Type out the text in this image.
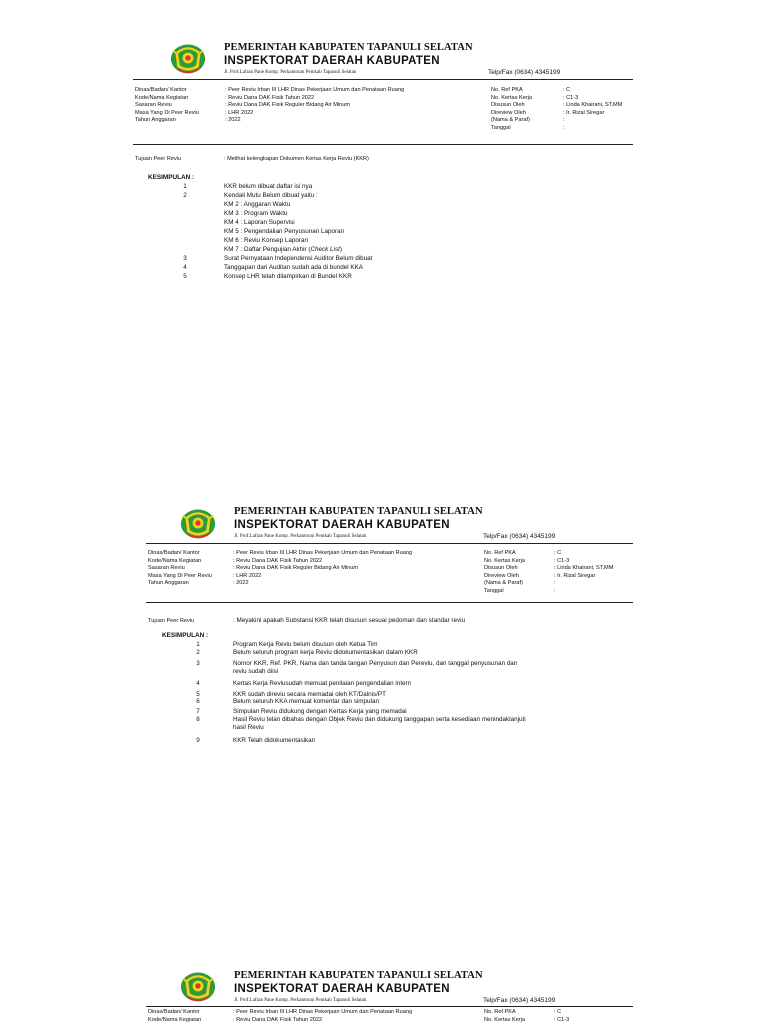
PEMERINTAH KABUPATEN TAPANULI SELATAN
INSPEKTORAT DAERAH KABUPATEN
Jl. Prof.Lafran Pane Komp. Perkantoran Pemkab Tapanuli Selatan	Telp/Fax (0634) 4345199
Dinas/Badan/ Kantor	: Peer Reviu Irban III LHR Dinas Pekerjaan Umum dan Penataan Ruang
Kode/Nama Kegiatan	: Reviu Dana DAK Fisik Tahun 2022
Sasaran Reviu	: Reviu Dana DAK Fisik Reguler Bidang Air Minum
Masa Yang Di Peer Reviu	: LHR 2022
Tahun Anggaran	: 2022
No. Ref PKA	: C
No. Kertas Kerja	: C1-3
Disusun Oleh	: Linda Khairani, ST,MM
Direview Oleh	: Ir. Rizal Siregar
(Nama & Paraf)	:
Tanggal	:
Tujuan Peer Reviu	: Melihat kelengkapan Dokumen Kertas Kerja Reviu (KKR)
KESIMPULAN :
1	KKR belum dibuat daftar isi nya
2	Kendali Mutu Belum dibuat yaitu :
KM 2 : Anggaran Waktu
KM 3 : Program Waktu
KM 4 : Laporan Supervisi
KM 5 : Pengendalian Penyusunan Laporan
KM 6 : Reviu Konsep Laporan
KM 7 : Daftar Pengujian Akhir (Check List)
3	Surat Pernyataan Independensi Auditor Belum dibuat
4	Tanggapan dari Auditan sudah ada di bundel KKA
5	Konsep LHR telah dilampirkan di Bundel KKR
PEMERINTAH KABUPATEN TAPANULI SELATAN
INSPEKTORAT DAERAH KABUPATEN
Jl. Prof.Lafran Pane Komp. Perkantoran Pemkab Tapanuli Selatan	Telp/Fax (0634) 4345199
Dinas/Badan/ Kantor	: Peer Reviu Irban III LHR Dinas Pekerjaan Umum dan Penataan Ruang
Kode/Nama Kegiatan	: Reviu Dana DAK Fisik Tahun 2022
Sasaran Reviu	: Reviu Dana DAK Fisik Reguler Bidang Air Minum
Masa Yang Di Peer Reviu	: LHR 2022
Tahun Anggaran	: 2022
No. Ref PKA	: C
No. Kertas Kerja	: C1-3
Disusun Oleh	: Linda Khairani, ST,MM
Direview Oleh	: Ir. Rizal Siregar
(Nama & Paraf)	:
Tanggal	:
Tujuan Peer Reviu	: Meyakini apakah Substansi KKR telah disusun sesuai pedoman dan standar reviu
KESIMPULAN :
1	Program Kerja Reviu belum disusun oleh Ketua Tim
2	Belum seluruh program kerja Reviu didokumentasikan dalam KKR
3	Nomor KKR, Ref. PKR, Nama dan tanda tangan Penyusun dan Pereviu, dan tanggal penyusunan dan
reviu sudah diisi
4	Kertas Kerja Reviusudah memuat penilaian pengendalian intern
5	KKR sudah direviu secara memadai oleh KT/Dalnis/PT
6	Belum seluruh KKA memuat komentar dan simpulan
7	Simpulan Reviu didukung dengan Kertas Kerja yang memadai
8	Hasil Reviu telan dibahas dengan Objek Reviu dan didukung tanggapan serta kesediaan menindaklanjuti
hasil Reviu
9	KKR Telah didokumentasikan
PEMERINTAH KABUPATEN TAPANULI SELATAN
INSPEKTORAT DAERAH KABUPATEN
Jl. Prof.Lafran Pane Komp. Perkantoran Pemkab Tapanuli Selatan	Telp/Fax (0634) 4345199
Dinas/Badan/ Kantor	: Peer Reviu Irban III LHR Dinas Pekerjaan Umum dan Penataan Ruang
Kode/Nama Kegiatan	: Reviu Dana DAK Fisik Tahun 2022
No. Ref PKA	: C
No. Kertas Kerja	: C1-3
